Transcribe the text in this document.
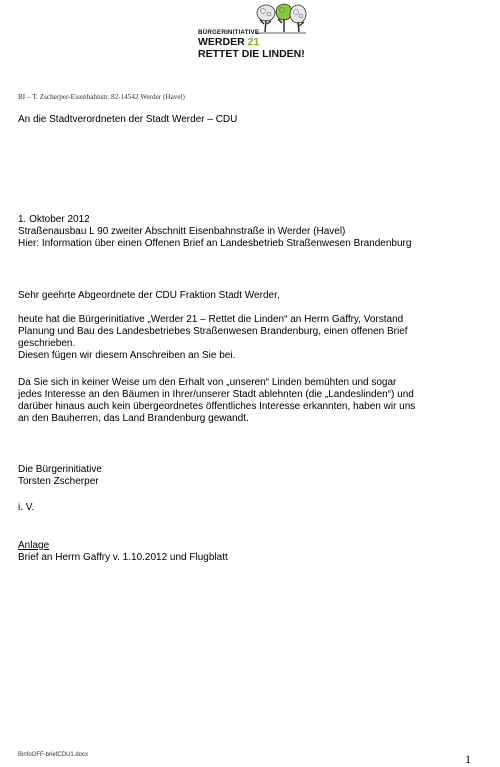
BÜRGERINITIATIVE
WERDER 21
RETTET DIE LINDEN!
BI – T. Zscherper-Eisenbahnstr. 82-14542 Werder (Havel)
An die Stadtverordneten der Stadt Werder – CDU
1. Oktober 2012
Straßenausbau L 90 zweiter Abschnitt Eisenbahnstraße in Werder (Havel)
Hier: Information über einen Offenen Brief an Landesbetrieb Straßenwesen Brandenburg
Sehr geehrte Abgeordnete der CDU Fraktion Stadt Werder,
heute hat die Bürgerinitiative „Werder 21 – Rettet die Linden“ an Herrn Gaffry, Vorstand
Planung und Bau des Landesbetriebes Straßenwesen Brandenburg, einen offenen Brief
geschrieben.
Diesen fügen wir diesem Anschreiben an Sie bei.
Da Sie sich in keiner Weise um den Erhalt von „unseren“ Linden bemühten und sogar
jedes Interesse an den Bäumen in Ihrer/unserer Stadt ablehnten (die „Landeslinden“) und
darüber hinaus auch kein übergeordnetes öffentliches Interesse erkannten, haben wir uns
an den Bauherren, das Land Brandenburg gewandt.
Die Bürgerinitiative
Torsten Zscherper
i. V.
Anlage
Brief an Herrn Gaffry v. 1.10.2012 und Flugblatt
BinfoOFF-briefCDU1.docx	1
